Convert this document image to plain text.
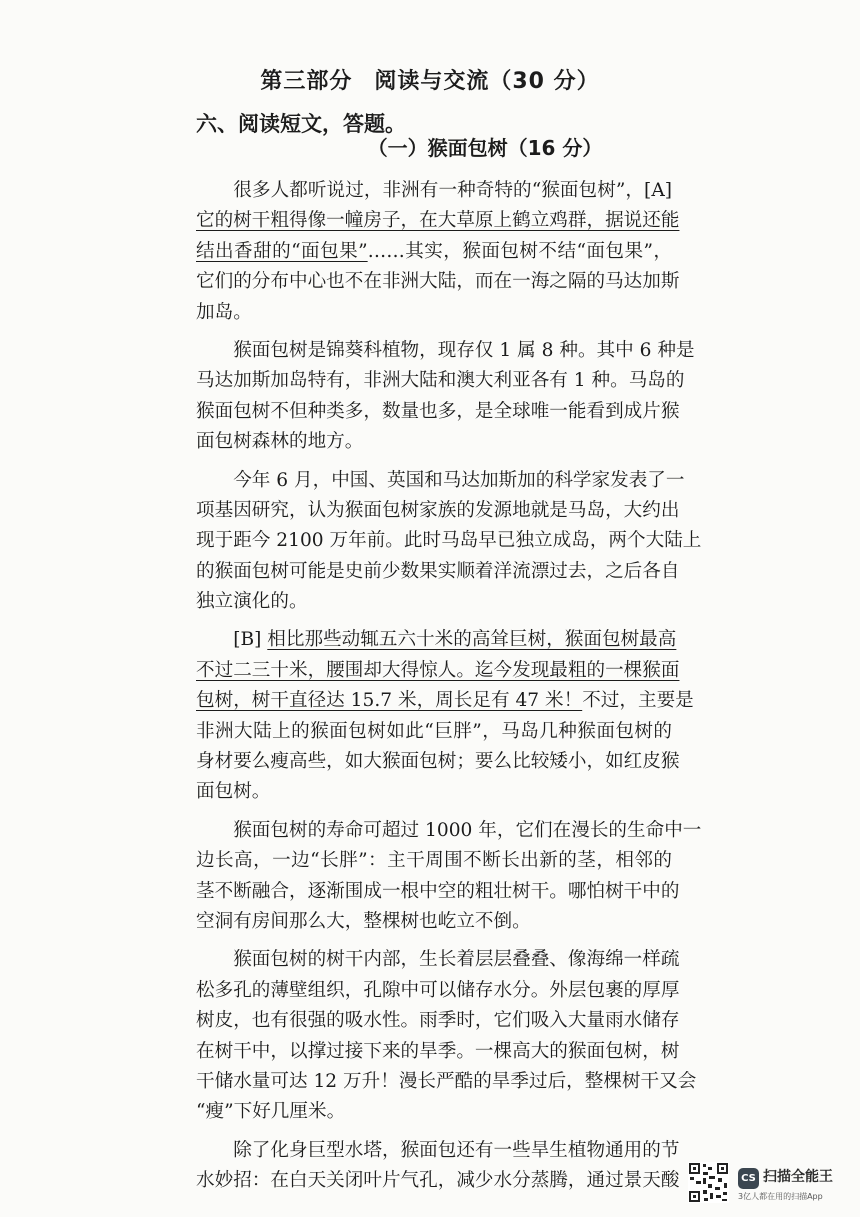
第三部分 阅读与交流（30 分）
六、阅读短文，答题。
（一）猴面包树（16 分）
　　很多人都听说过，非洲有一种奇特的“猴面包树”，[A]
它的树干粗得像一幢房子，在大草原上鹤立鸡群，据说还能
结出香甜的“面包果”……其实，猴面包树不结“面包果”，
它们的分布中心也不在非洲大陆，而在一海之隔的马达加斯
加岛。
　　猴面包树是锦葵科植物，现存仅 1 属 8 种。其中 6 种是
马达加斯加岛特有，非洲大陆和澳大利亚各有 1 种。马岛的
猴面包树不但种类多，数量也多，是全球唯一能看到成片猴
面包树森林的地方。
　　今年 6 月，中国、英国和马达加斯加的科学家发表了一
项基因研究，认为猴面包树家族的发源地就是马岛，大约出
现于距今 2100 万年前。此时马岛早已独立成岛，两个大陆上
的猴面包树可能是史前少数果实顺着洋流漂过去，之后各自
独立演化的。
　　[B] 相比那些动辄五六十米的高耸巨树，猴面包树最高
不过二三十米，腰围却大得惊人。迄今发现最粗的一棵猴面
包树，树干直径达 15.7 米，周长足有 47 米！不过，主要是
非洲大陆上的猴面包树如此“巨胖”，马岛几种猴面包树的
身材要么瘦高些，如大猴面包树；要么比较矮小，如红皮猴
面包树。
　　猴面包树的寿命可超过 1000 年，它们在漫长的生命中一
边长高，一边“长胖”：主干周围不断长出新的茎，相邻的
茎不断融合，逐渐围成一根中空的粗壮树干。哪怕树干中的
空洞有房间那么大，整棵树也屹立不倒。
　　猴面包树的树干内部，生长着层层叠叠、像海绵一样疏
松多孔的薄壁组织，孔隙中可以储存水分。外层包裹的厚厚
树皮，也有很强的吸水性。雨季时，它们吸入大量雨水储存
在树干中，以撑过接下来的旱季。一棵高大的猴面包树，树
干储水量可达 12 万升！漫长严酷的旱季过后，整棵树干又会
“瘦”下好几厘米。
　　除了化身巨型水塔，猴面包还有一些旱生植物通用的节
水妙招：在白天关闭叶片气孔，减少水分蒸腾，通过景天酸	CS 扫描全能王
3亿人都在用的扫描App
